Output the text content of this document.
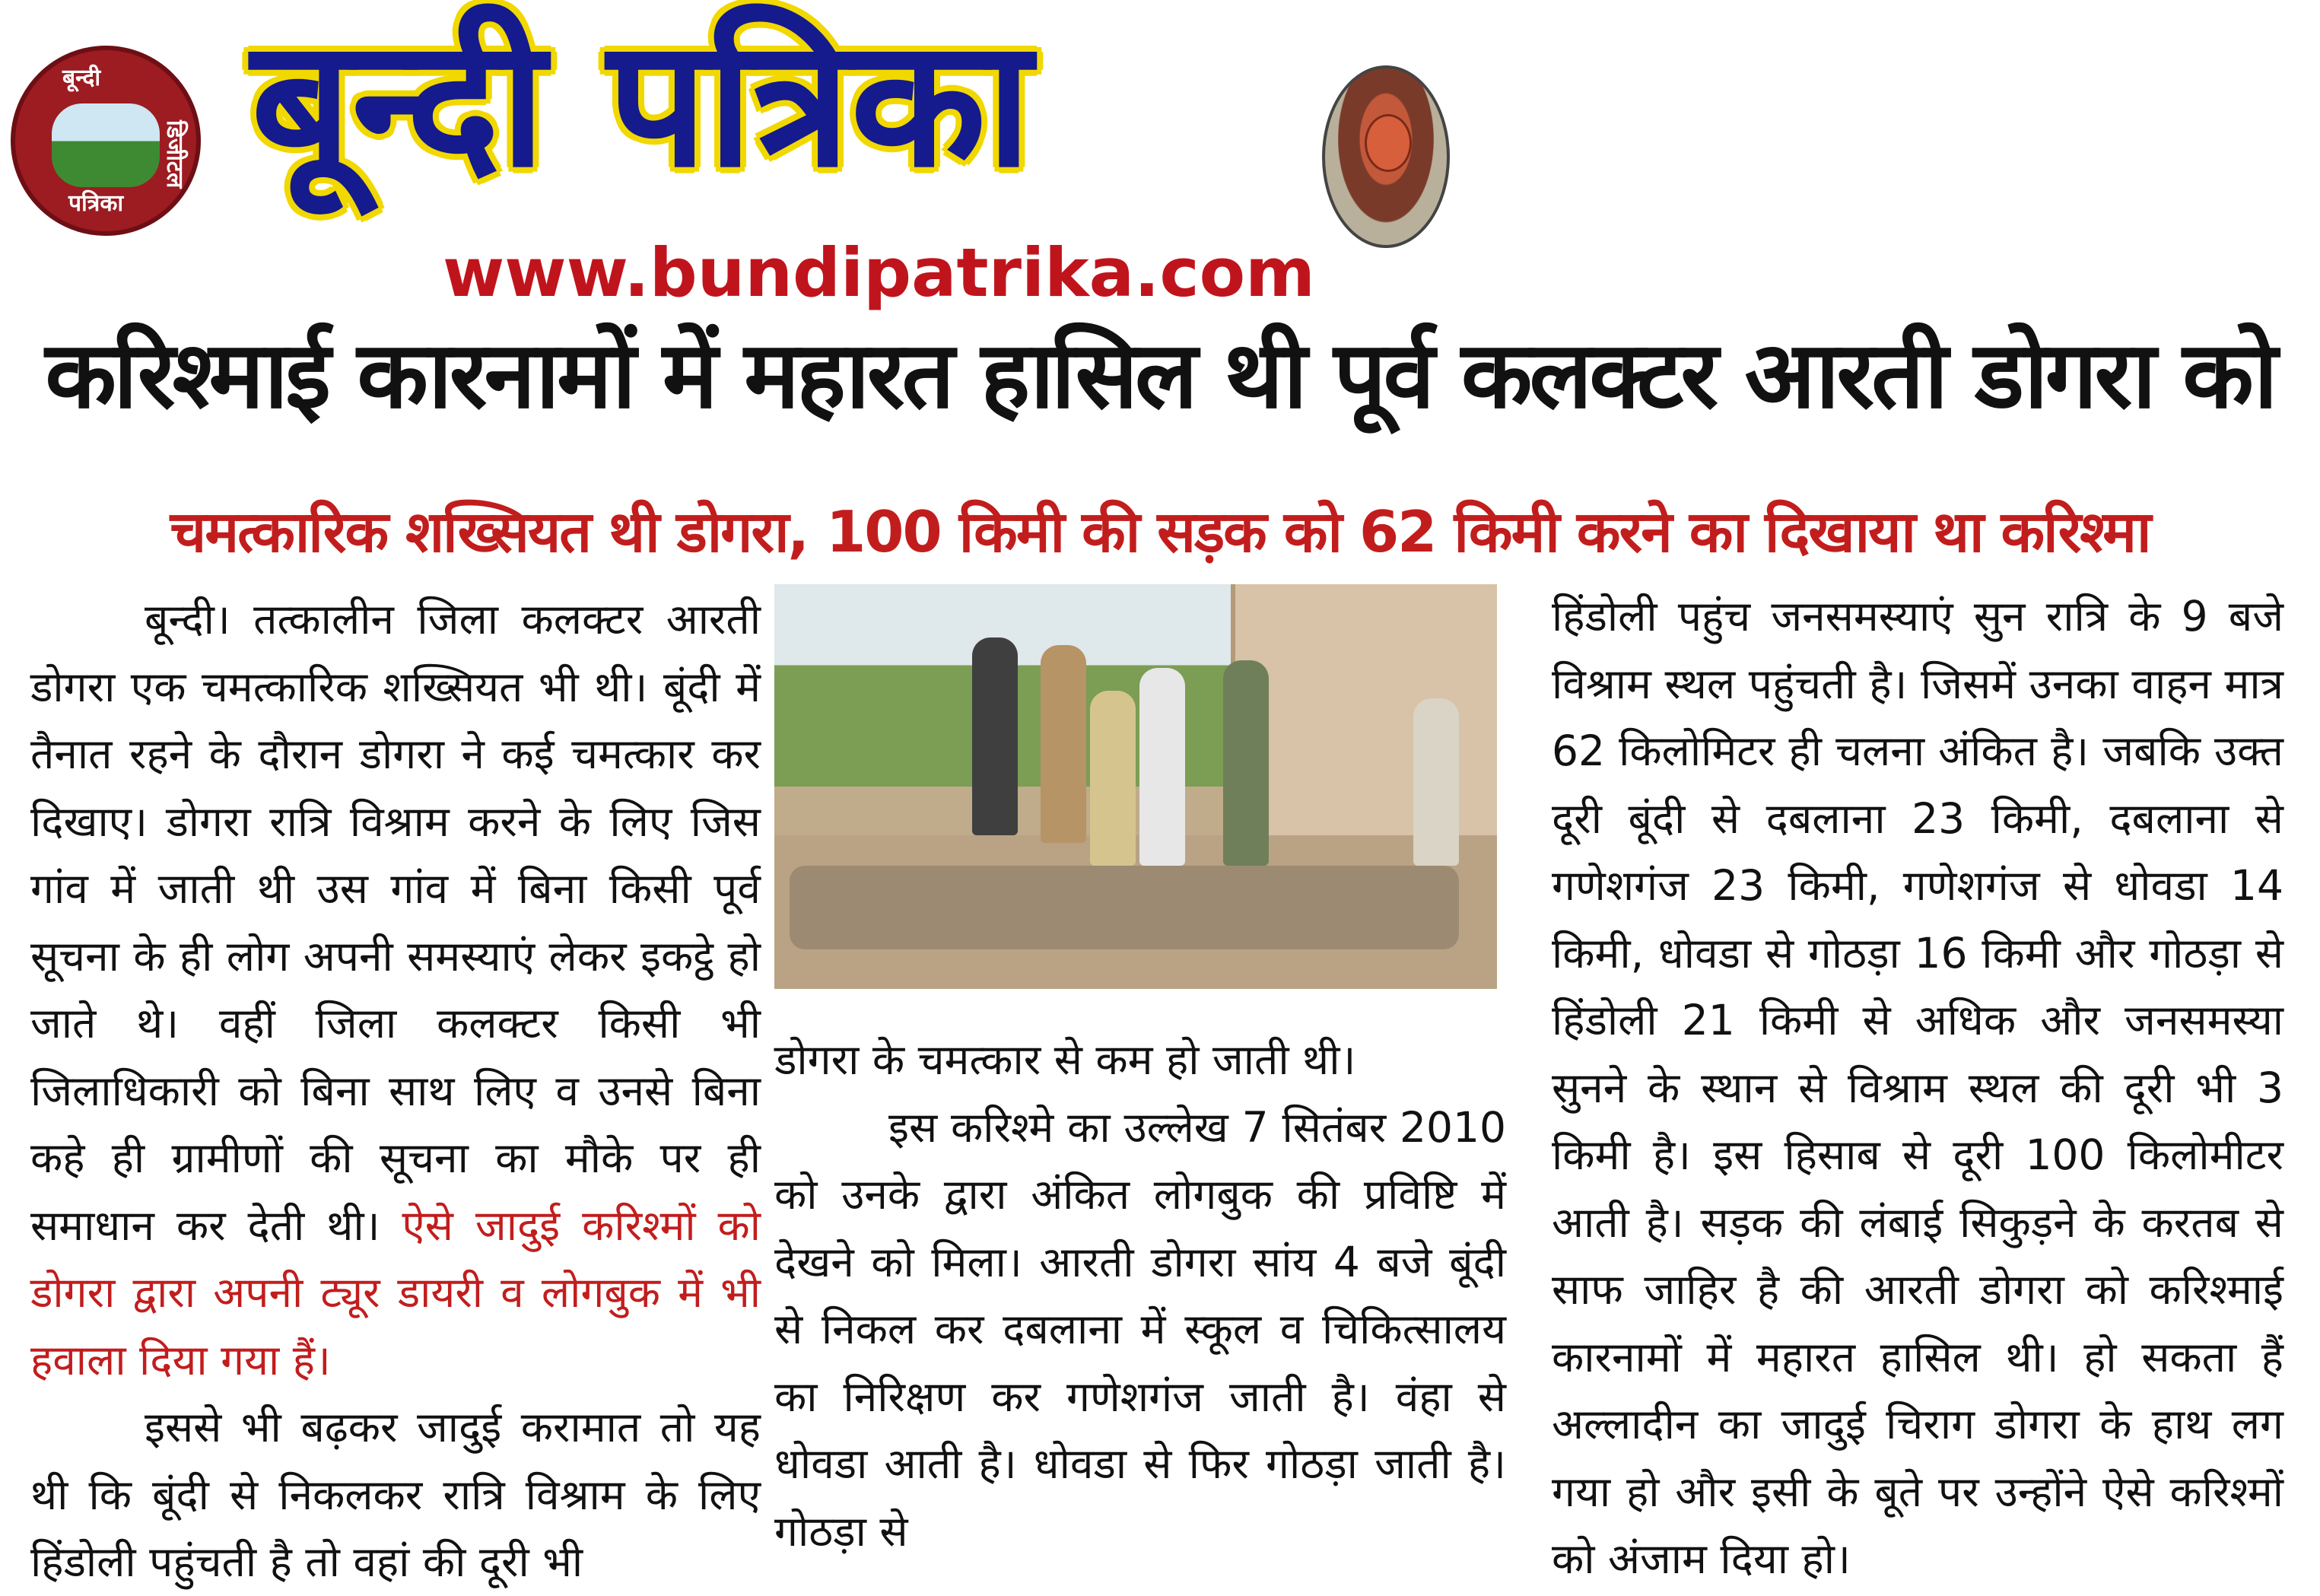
बून्दी
डिजीटल
पत्रिका बून्दी पत्रिका
www.bundipatrika.com
करिश्माई कारनामों में महारत हासिल थी पूर्व कलक्टर आरती डोगरा को
चमत्कारिक शख्सियत थी डोगरा, 100 किमी की सड़क को 62 किमी करने का दिखाया था करिश्मा

बून्दी। तत्कालीन जिला कलक्टर आरती डोगरा एक चमत्कारिक शख्सियत भी थी। बूंदी में तैनात रहने के दौरान डोगरा ने कई चमत्कार कर दिखाए। डोगरा रात्रि विश्राम करने के लिए जिस गांव में जाती थी उस गांव में बिना किसी पूर्व सूचना के ही लोग अपनी समस्याएं लेकर इकट्ठे हो जाते थे। वहीं जिला कलक्टर किसी भी जिलाधिकारी को बिना साथ लिए व उनसे बिना कहे ही ग्रामीणों की सूचना का मौके पर ही समाधान कर देती थी। ऐसे जादुई करिश्मों को डोगरा द्वारा अपनी ट्यूर डायरी व लोगबुक में भी हवाला दिया गया हैं।

इससे भी बढ़कर जादुई करामात तो यह थी कि बूंदी से निकलकर रात्रि विश्राम के लिए हिंडोली पहुंचती है तो वहां की दूरी भी

डोगरा के चमत्कार से कम हो जाती थी।

इस करिश्मे का उल्लेख 7 सितंबर 2010 को उनके द्वारा अंकित लोगबुक की प्रविष्टि में देखने को मिला। आरती डोगरा सांय 4 बजे बूंदी से निकल कर दबलाना में स्कूल व चिकित्सालय का निरिक्षण कर गणेशगंज जाती है। वंहा से धोवडा आती है। धोवडा से फिर गोठड़ा जाती है। गोठड़ा से

हिंडोली पहुंच जनसमस्याएं सुन रात्रि के 9 बजे विश्राम स्थल पहुंचती है। जिसमें उनका वाहन मात्र 62 किलोमिटर ही चलना अंकित है। जबकि उक्त दूरी बूंदी से दबलाना 23 किमी, दबलाना से गणेशगंज 23 किमी, गणेशगंज से धोवडा 14 किमी, धोवडा से गोठड़ा 16 किमी और गोठड़ा से हिंडोली 21 किमी से अधिक और जनसमस्या सुनने के स्थान से विश्राम स्थल की दूरी भी 3 किमी है। इस हिसाब से दूरी 100 किलोमीटर आती है। सड़क की लंबाई सिकुड़ने के करतब से साफ जाहिर है की आरती डोगरा को करिश्माई कारनामों में महारत हासिल थी। हो सकता हैं अल्लादीन का जादुई चिराग डोगरा के हाथ लग गया हो और इसी के बूते पर उन्होंने ऐसे करिश्मों को अंजाम दिया हो।
